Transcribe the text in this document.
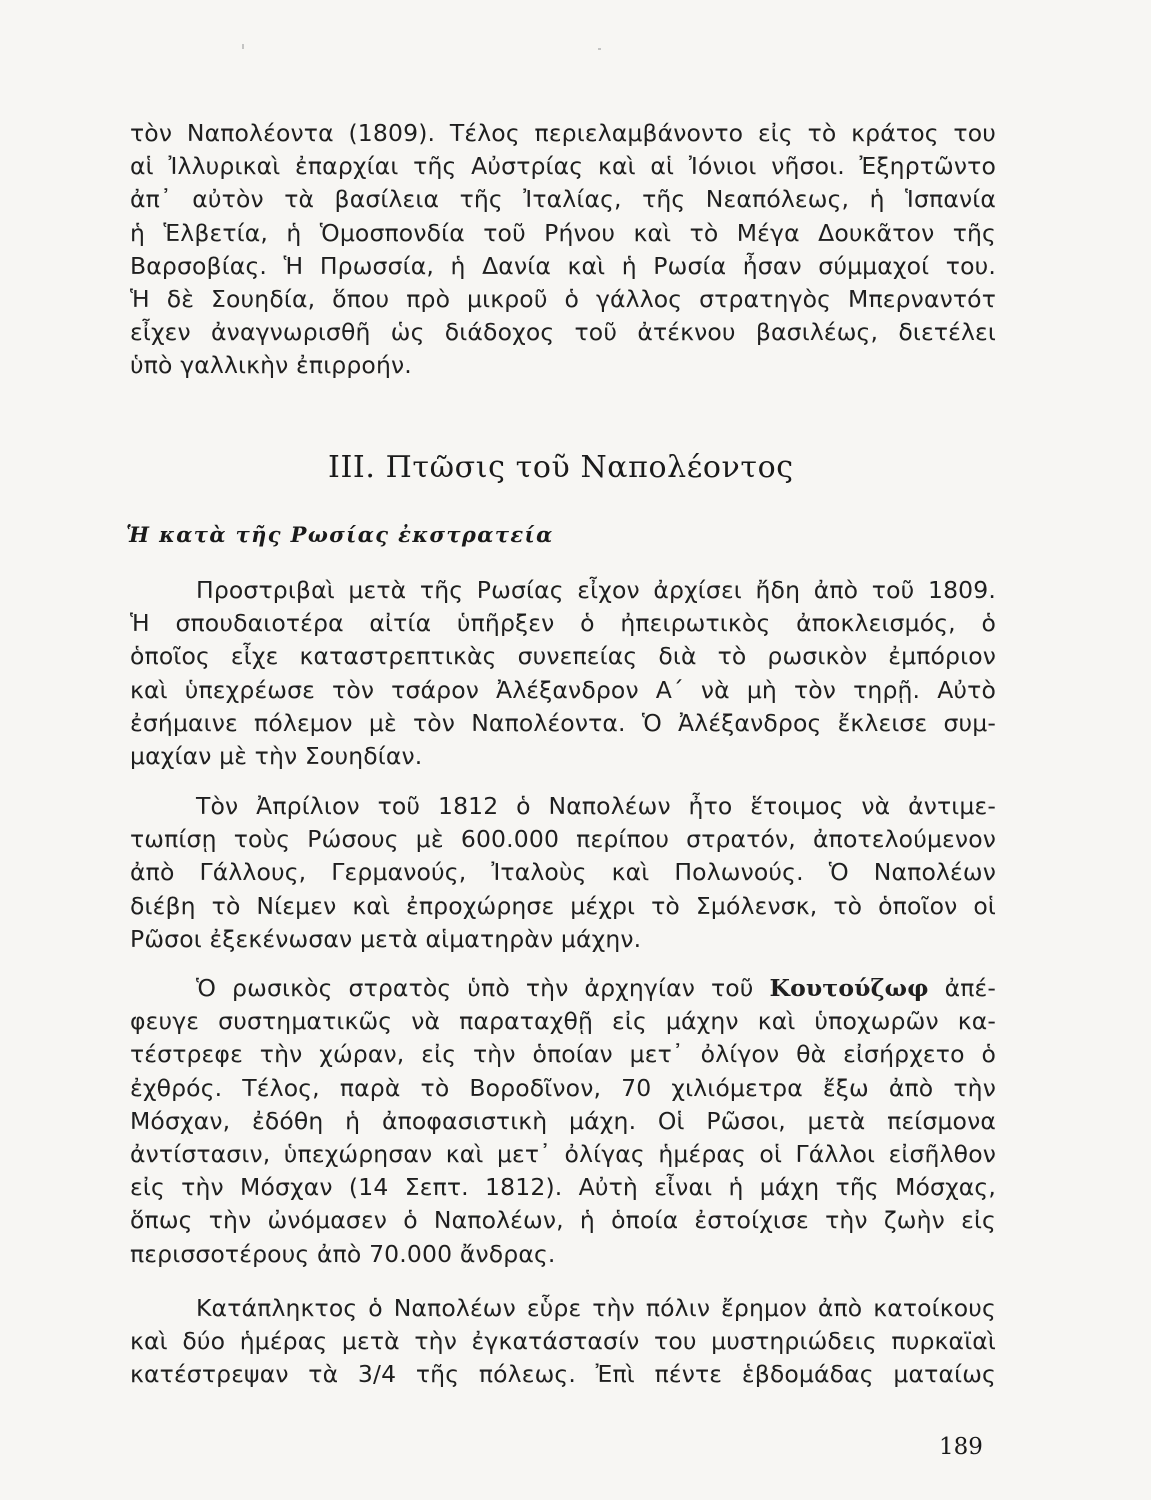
τὸν Ναπολέοντα (1809). Τέλος περιελαμβάνοντο εἰς τὸ κράτος του
αἱ Ἰλλυρικαὶ ἐπαρχίαι τῆς Αὐστρίας καὶ αἱ Ἰόνιοι νῆσοι. Ἐξηρτῶντο
ἀπ᾽ αὐτὸν τὰ βασίλεια τῆς Ἰταλίας, τῆς Νεαπόλεως, ἡ Ἱσπανία
ἡ Ἑλβετία, ἡ Ὁμοσπονδία τοῦ Ρήνου καὶ τὸ Μέγα Δουκᾶτον τῆς
Βαρσοβίας. Ἡ Πρωσσία, ἡ Δανία καὶ ἡ Ρωσία ἦσαν σύμμαχοί του.
Ἡ δὲ Σουηδία, ὅπου πρὸ μικροῦ ὁ γάλλος στρατηγὸς Μπερναντότ
εἶχεν ἀναγνωρισθῆ ὡς διάδοχος τοῦ ἀτέκνου βασιλέως, διετέλει
ὑπὸ γαλλικὴν ἐπιρροήν.
III. Πτῶσις τοῦ Ναπολέοντος
Ἡ κατὰ τῆς Ρωσίας ἐκστρατεία
Προστριβαὶ μετὰ τῆς Ρωσίας εἶχον ἀρχίσει ἤδη ἀπὸ τοῦ 1809.
Ἡ σπουδαιοτέρα αἰτία ὑπῆρξεν ὁ ἠπειρωτικὸς ἀποκλεισμός, ὁ
ὁποῖος εἶχε καταστρεπτικὰς συνεπείας διὰ τὸ ρωσικὸν ἐμπόριον
καὶ ὑπεχρέωσε τὸν τσάρον Ἀλέξανδρον Α΄ νὰ μὴ τὸν τηρῇ. Αὐτὸ
ἐσήμαινε πόλεμον μὲ τὸν Ναπολέοντα. Ὁ Ἀλέξανδρος ἔκλεισε συμ-
μαχίαν μὲ τὴν Σουηδίαν.
Τὸν Ἀπρίλιον τοῦ 1812 ὁ Ναπολέων ἦτο ἕτοιμος νὰ ἀντιμε-
τωπίσῃ τοὺς Ρώσους μὲ 600.000 περίπου στρατόν, ἀποτελούμενον
ἀπὸ Γάλλους, Γερμανούς, Ἰταλοὺς καὶ Πολωνούς. Ὁ Ναπολέων
διέβη τὸ Νίεμεν καὶ ἐπροχώρησε μέχρι τὸ Σμόλενσκ, τὸ ὁποῖον οἱ
Ρῶσοι ἐξεκένωσαν μετὰ αἱματηρὰν μάχην.
Ὁ ρωσικὸς στρατὸς ὑπὸ τὴν ἀρχηγίαν τοῦ Κουτούζωφ ἀπέ-
φευγε συστηματικῶς νὰ παραταχθῇ εἰς μάχην καὶ ὑποχωρῶν κα-
τέστρεφε τὴν χώραν, εἰς τὴν ὁποίαν μετ᾽ ὀλίγον θὰ εἰσήρχετο ὁ
ἐχθρός. Τέλος, παρὰ τὸ Βοροδῖνον, 70 χιλιόμετρα ἔξω ἀπὸ τὴν
Μόσχαν, ἐδόθη ἡ ἀποφασιστικὴ μάχη. Οἱ Ρῶσοι, μετὰ πείσμονα
ἀντίστασιν, ὑπεχώρησαν καὶ μετ᾽ ὀλίγας ἡμέρας οἱ Γάλλοι εἰσῆλθον
εἰς τὴν Μόσχαν (14 Σεπτ. 1812). Αὐτὴ εἶναι ἡ μάχη τῆς Μόσχας,
ὅπως τὴν ὠνόμασεν ὁ Ναπολέων, ἡ ὁποία ἐστοίχισε τὴν ζωὴν εἰς
περισσοτέρους ἀπὸ 70.000 ἄνδρας.
Κατάπληκτος ὁ Ναπολέων εὗρε τὴν πόλιν ἔρημον ἀπὸ κατοίκους
καὶ δύο ἡμέρας μετὰ τὴν ἐγκατάστασίν του μυστηριώδεις πυρκαϊαὶ
κατέστρεψαν τὰ 3/4 τῆς πόλεως. Ἐπὶ πέντε ἑβδομάδας ματαίως
189
